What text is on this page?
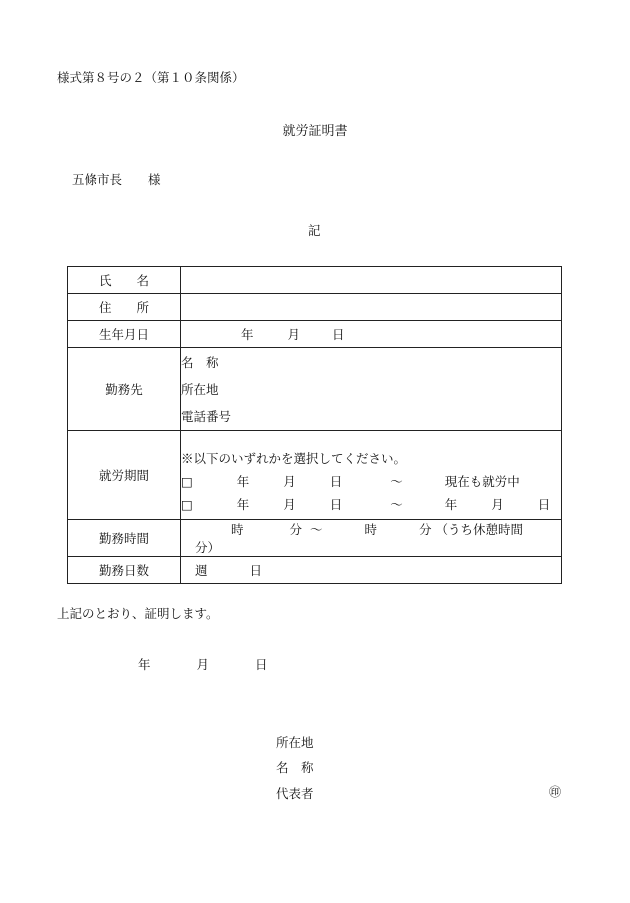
様式第８号の２（第１０条関係）
就労証明書
五條市長 様
記
氏　　名	
住　　所	
生年月日	年 月 日
勤務先	名　称
所在地
電話番号

就労期間	※以下のいずれかを選択してください。
□ 年 月 日 ～ 現在も就労中
□ 年 月 日 ～ 年 月 日

勤務時間	時 分 ～ 時 分 （うち休憩時間 分）
勤務日数	週 日
上記のとおり、証明します。
年	月	日
所在地
名　称
代表者	㊞
